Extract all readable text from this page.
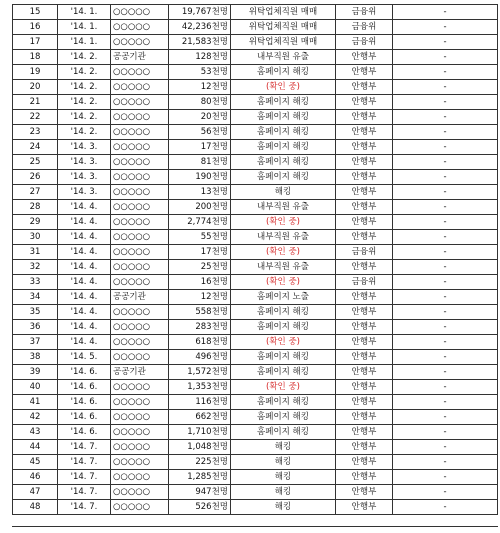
15	'14. 1.	○○○○○	19,767천명	위탁업체직원 매매	금융위	-
16	'14. 1.	○○○○○	42,236천명	위탁업체직원 매매	금융위	-
17	'14. 1.	○○○○○	21,583천명	위탁업체직원 매매	금융위	-
18	'14. 2.	공공기관	128천명	내부직원 유출	안행부	-
19	'14. 2.	○○○○○	53천명	홈페이지 해킹	안행부	-
20	'14. 2.	○○○○○	12천명	(확인 중)	안행부	-
21	'14. 2.	○○○○○	80천명	홈페이지 해킹	안행부	-
22	'14. 2.	○○○○○	20천명	홈페이지 해킹	안행부	-
23	'14. 2.	○○○○○	56천명	홈페이지 해킹	안행부	-
24	'14. 3.	○○○○○	17천명	홈페이지 해킹	안행부	-
25	'14. 3.	○○○○○	81천명	홈페이지 해킹	안행부	-
26	'14. 3.	○○○○○	190천명	홈페이지 해킹	안행부	-
27	'14. 3.	○○○○○	13천명	해킹	안행부	-
28	'14. 4.	○○○○○	200천명	내부직원 유출	안행부	-
29	'14. 4.	○○○○○	2,774천명	(확인 중)	안행부	-
30	'14. 4.	○○○○○	55천명	내부직원 유출	안행부	-
31	'14. 4.	○○○○○	17천명	(확인 중)	금융위	-
32	'14. 4.	○○○○○	25천명	내부직원 유출	안행부	-
33	'14. 4.	○○○○○	16천명	(확인 중)	금융위	-
34	'14. 4.	공공기관	12천명	홈페이지 노출	안행부	-
35	'14. 4.	○○○○○	558천명	홈페이지 해킹	안행부	-
36	'14. 4.	○○○○○	283천명	홈페이지 해킹	안행부	-
37	'14. 4.	○○○○○	618천명	(확인 중)	안행부	-
38	'14. 5.	○○○○○	496천명	홈페이지 해킹	안행부	-
39	'14. 6.	공공기관	1,572천명	홈페이지 해킹	안행부	-
40	'14. 6.	○○○○○	1,353천명	(확인 중)	안행부	-
41	'14. 6.	○○○○○	116천명	홈페이지 해킹	안행부	-
42	'14. 6.	○○○○○	662천명	홈페이지 해킹	안행부	-
43	'14. 6.	○○○○○	1,710천명	홈페이지 해킹	안행부	-
44	'14. 7.	○○○○○	1,048천명	해킹	안행부	-
45	'14. 7.	○○○○○	225천명	해킹	안행부	-
46	'14. 7.	○○○○○	1,285천명	해킹	안행부	-
47	'14. 7.	○○○○○	947천명	해킹	안행부	-
48	'14. 7.	○○○○○	526천명	해킹	안행부	-
